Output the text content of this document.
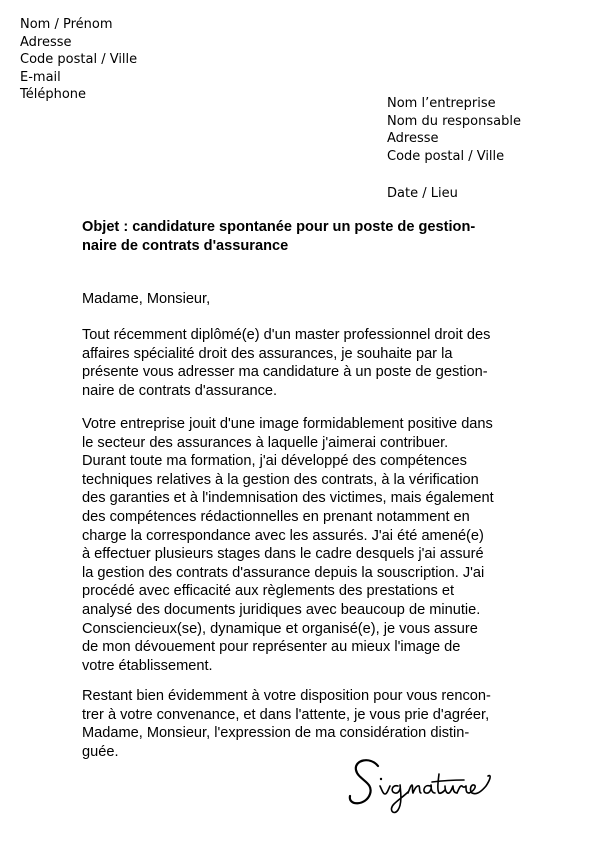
Nom / Prénom
Adresse
Code postal / Ville
E-mail
Téléphone
Nom l’entreprise
Nom du responsable
Adresse
Code postal / Ville
Date / Lieu
Objet : candidature spontanée pour un poste de gestion-
naire de contrats d'assurance
Madame, Monsieur,
Tout récemment diplômé(e) d'un master professionnel droit des
affaires spécialité droit des assurances, je souhaite par la
présente vous adresser ma candidature à un poste de gestion-
naire de contrats d'assurance.
Votre entreprise jouit d'une image formidablement positive dans
le secteur des assurances à laquelle j'aimerai contribuer.
Durant toute ma formation, j'ai développé des compétences
techniques relatives à la gestion des contrats, à la vérification
des garanties et à l'indemnisation des victimes, mais également
des compétences rédactionnelles en prenant notamment en
charge la correspondance avec les assurés. J'ai été amené(e)
à effectuer plusieurs stages dans le cadre desquels j'ai assuré
la gestion des contrats d'assurance depuis la souscription. J'ai
procédé avec efficacité aux règlements des prestations et
analysé des documents juridiques avec beaucoup de minutie.
Consciencieux(se), dynamique et organisé(e), je vous assure
de mon dévouement pour représenter au mieux l'image de
votre établissement.
Restant bien évidemment à votre disposition pour vous rencon-
trer à votre convenance, et dans l'attente, je vous prie d'agréer,
Madame, Monsieur, l'expression de ma considération distin-
guée.
